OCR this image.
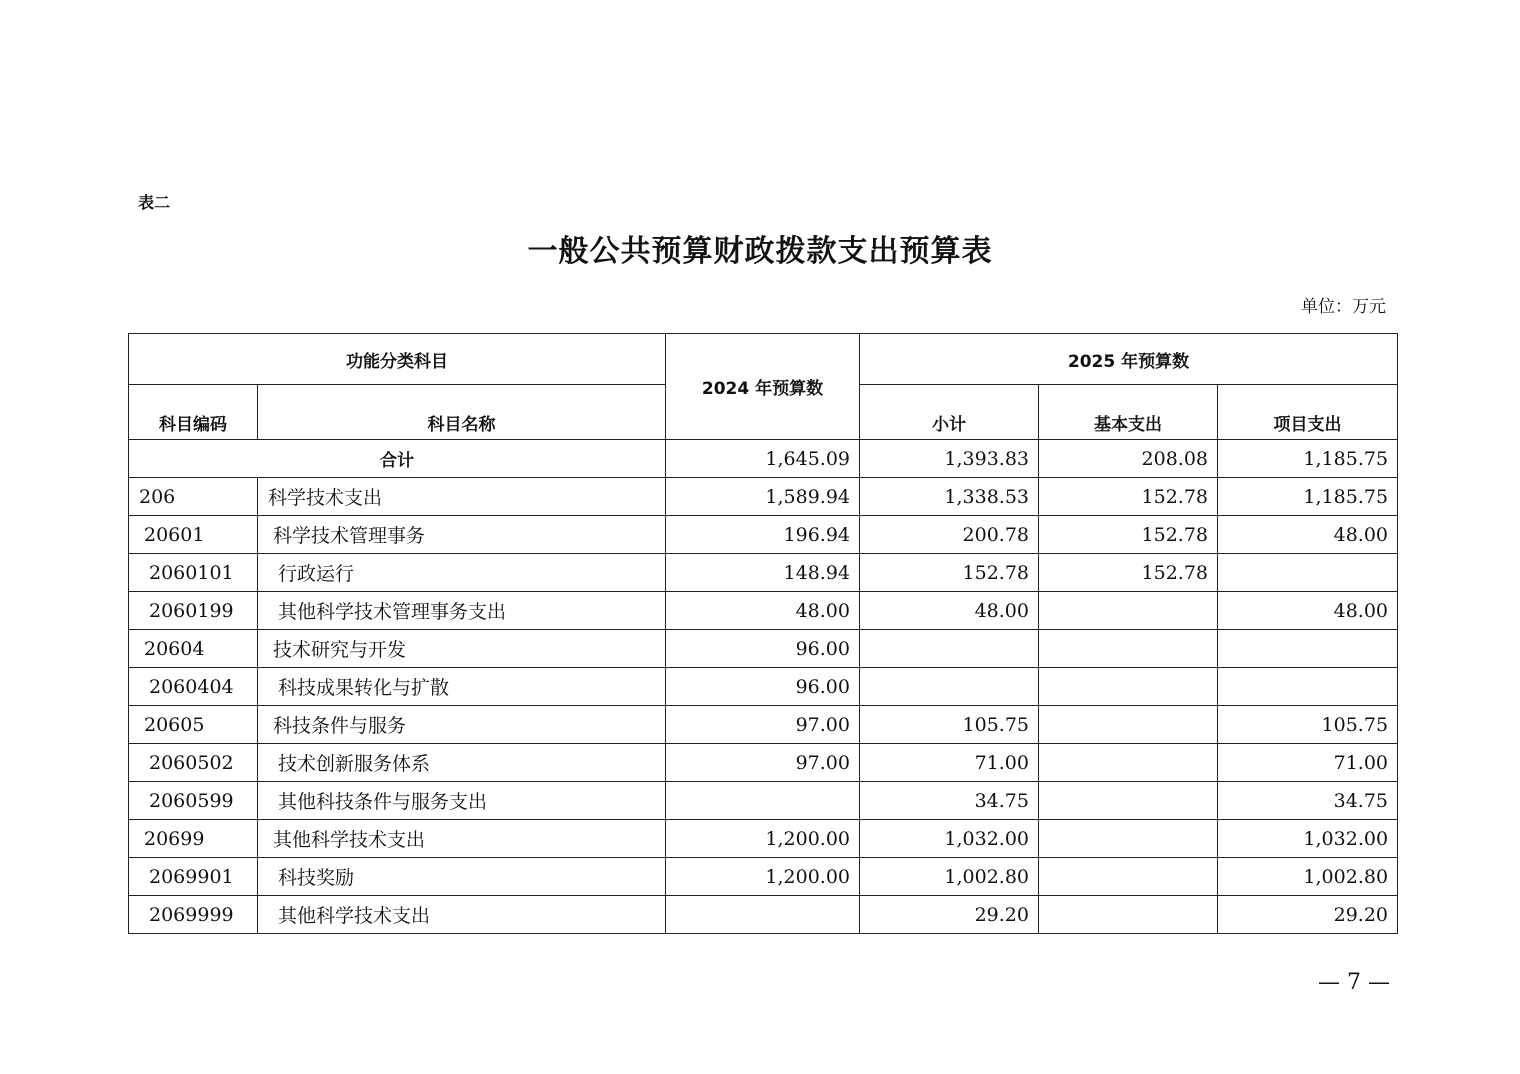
表二
一般公共预算财政拨款支出预算表
单位：万元
功能分类科目		2024 年预算数	2025 年预算数		
科目编码	科目名称		小计	基本支出	项目支出
合计		1,645.09	1,393.83	208.08	1,185.75
206	科学技术支出	1,589.94	1,338.53	152.78	1,185.75
20601	科学技术管理事务	196.94	200.78	152.78	48.00
2060101	行政运行	148.94	152.78	152.78	
2060199	其他科学技术管理事务支出	48.00	48.00		48.00
20604	技术研究与开发	96.00			
2060404	科技成果转化与扩散	96.00			
20605	科技条件与服务	97.00	105.75		105.75
2060502	技术创新服务体系	97.00	71.00		71.00
2060599	其他科技条件与服务支出		34.75		34.75
20699	其他科学技术支出	1,200.00	1,032.00		1,032.00
2069901	科技奖励	1,200.00	1,002.80		1,002.80
2069999	其他科学技术支出		29.20		29.20
— 7 —
